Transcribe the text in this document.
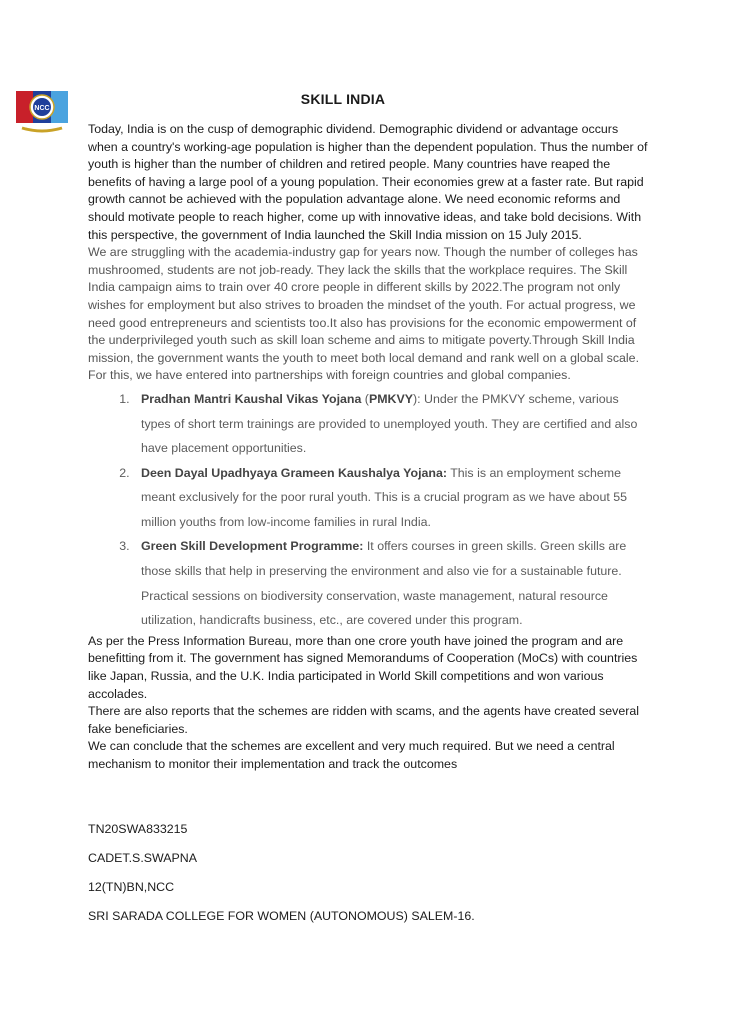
NCC
SKILL INDIA

Today, India is on the cusp of demographic dividend. Demographic dividend or advantage occurs when a country's working-age population is higher than the dependent population. Thus the number of youth is higher than the number of children and retired people. Many countries have reaped the benefits of having a large pool of a young population. Their economies grew at a faster rate. But rapid growth cannot be achieved with the population advantage alone. We need economic reforms and should motivate people to reach higher, come up with innovative ideas, and take bold decisions. With this perspective, the government of India launched the Skill India mission on 15 July 2015.

We are struggling with the academia-industry gap for years now. Though the number of colleges has mushroomed, students are not job-ready. They lack the skills that the workplace requires. The Skill India campaign aims to train over 40 crore people in different skills by 2022.The program not only wishes for employment but also strives to broaden the mindset of the youth. For actual progress, we need good entrepreneurs and scientists too.It also has provisions for the economic empowerment of the underprivileged youth such as skill loan scheme and aims to mitigate poverty.Through Skill India mission, the government wants the youth to meet both local demand and rank well on a global scale. For this, we have entered into partnerships with foreign countries and global companies.

1. Pradhan Mantri Kaushal Vikas Yojana (PMKVY): Under the PMKVY scheme, various types of short term trainings are provided to unemployed youth. They are certified and also have placement opportunities.
2. Deen Dayal Upadhyaya Grameen Kaushalya Yojana: This is an employment scheme meant exclusively for the poor rural youth. This is a crucial program as we have about 55 million youths from low-income families in rural India.
3. Green Skill Development Programme: It offers courses in green skills. Green skills are those skills that help in preserving the environment and also vie for a sustainable future. Practical sessions on biodiversity conservation, waste management, natural resource utilization, handicrafts business, etc., are covered under this program.

As per the Press Information Bureau, more than one crore youth have joined the program and are benefitting from it. The government has signed Memorandums of Cooperation (MoCs) with countries like Japan, Russia, and the U.K. India participated in World Skill competitions and won various accolades.

There are also reports that the schemes are ridden with scams, and the agents have created several fake beneficiaries.

We can conclude that the schemes are excellent and very much required. But we need a central mechanism to monitor their implementation and track the outcomes

TN20SWA833215

CADET.S.SWAPNA

12(TN)BN,NCC

SRI SARADA COLLEGE FOR WOMEN (AUTONOMOUS) SALEM-16.
